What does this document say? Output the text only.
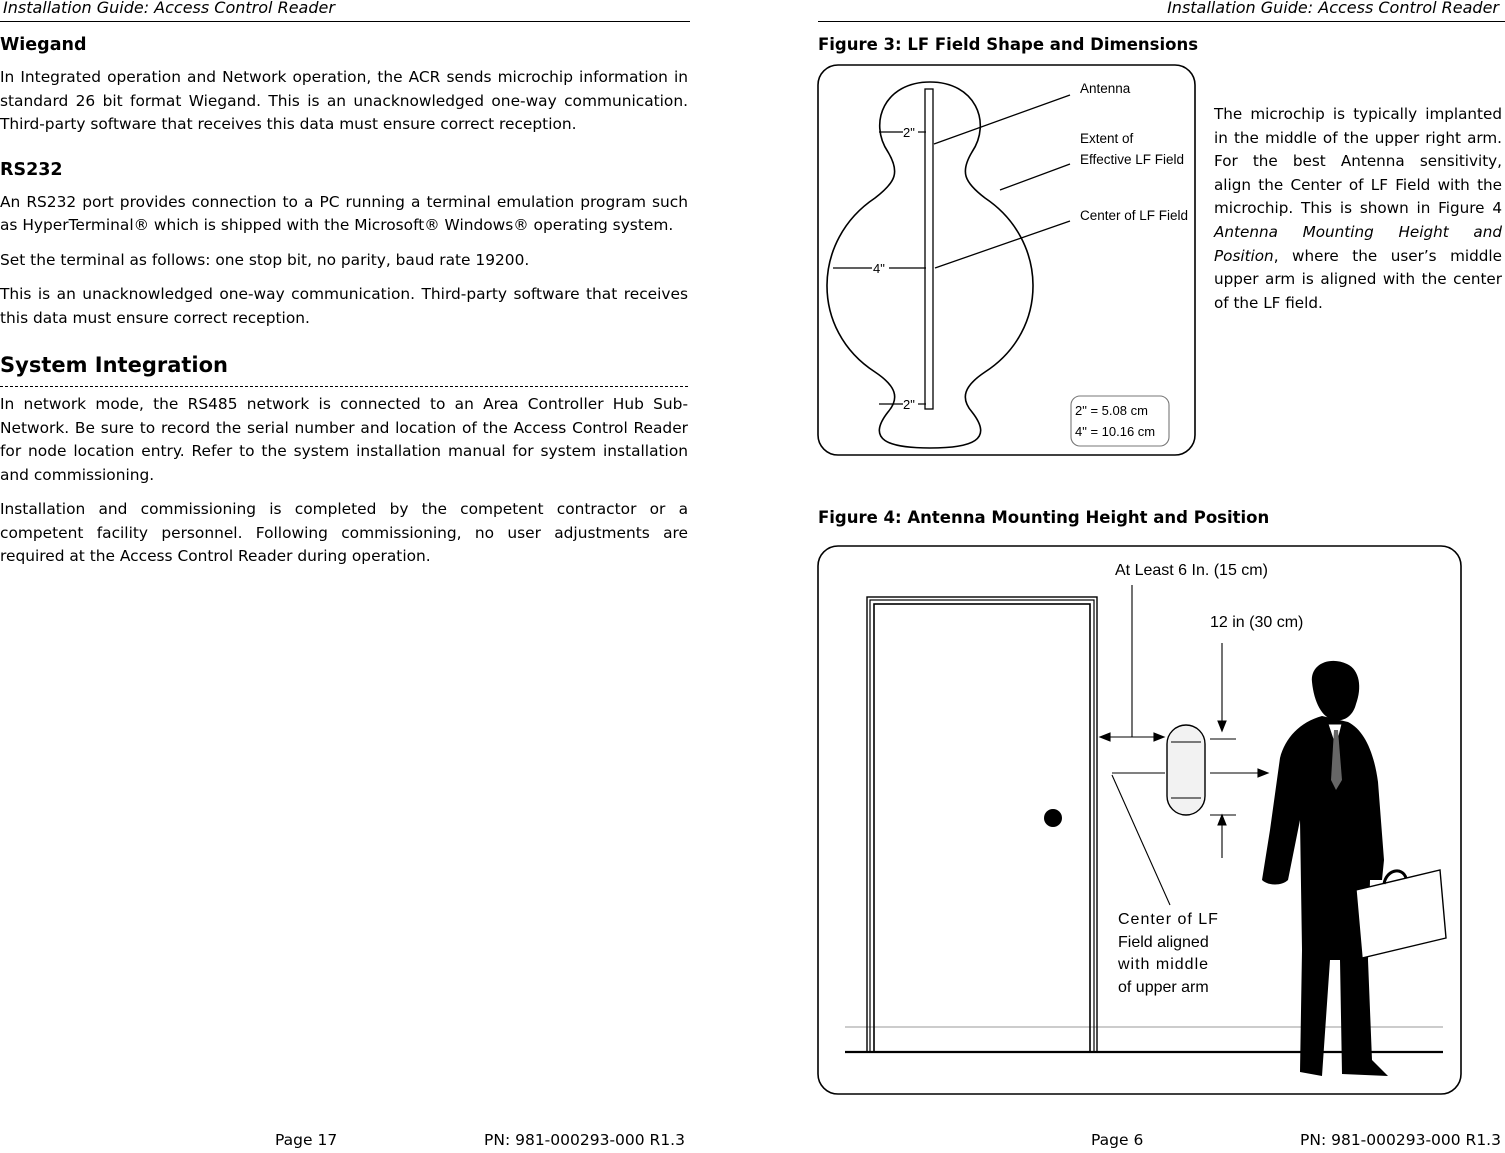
Installation Guide: Access Control Reader
Wiegand

In Integrated operation and Network operation, the ACR sends microchip information in standard 26 bit format Wiegand. This is an unacknowledged one-way communication. Third-party software that receives this data must ensure correct reception.

RS232

An RS232 port provides connection to a PC running a terminal emulation program such as HyperTerminal® which is shipped with the Microsoft® Windows® operating system.

Set the terminal as follows: one stop bit, no parity, baud rate 19200.

This is an unacknowledged one-way communication. Third-party software that receives this data must ensure correct reception.

System Integration

In network mode, the RS485 network is connected to an Area Controller Hub Sub-Network. Be sure to record the serial number and location of the Access Control Reader for node location entry. Refer to the system installation manual for system installation and commissioning.

Installation and commissioning is completed by the competent contractor or a competent facility personnel. Following commissioning, no user adjustments are required at the Access Control Reader during operation.

Page 17	PN: 981-000293-000 R1.3
Installation Guide: Access Control Reader
Figure 3: LF Field Shape and Dimensions
Antenna
Extent of
Effective LF Field
Center of LF Field
2"
4"
2"	2" = 5.08 cm
4" = 10.16 cm
At Least 6 In. (15 cm)
12 in (30 cm)
Center of LF
Field aligned
with middle
of upper arm
The microchip is typically implanted in the middle of the upper right arm. For the best Antenna sensitivity, align the Center of LF Field with the microchip. This is shown in Figure 4 Antenna Mounting Height and Position, where the user’s middle upper arm is aligned with the center of the LF field.
Figure 4: Antenna Mounting Height and Position
Page 6	PN: 981-000293-000 R1.3
